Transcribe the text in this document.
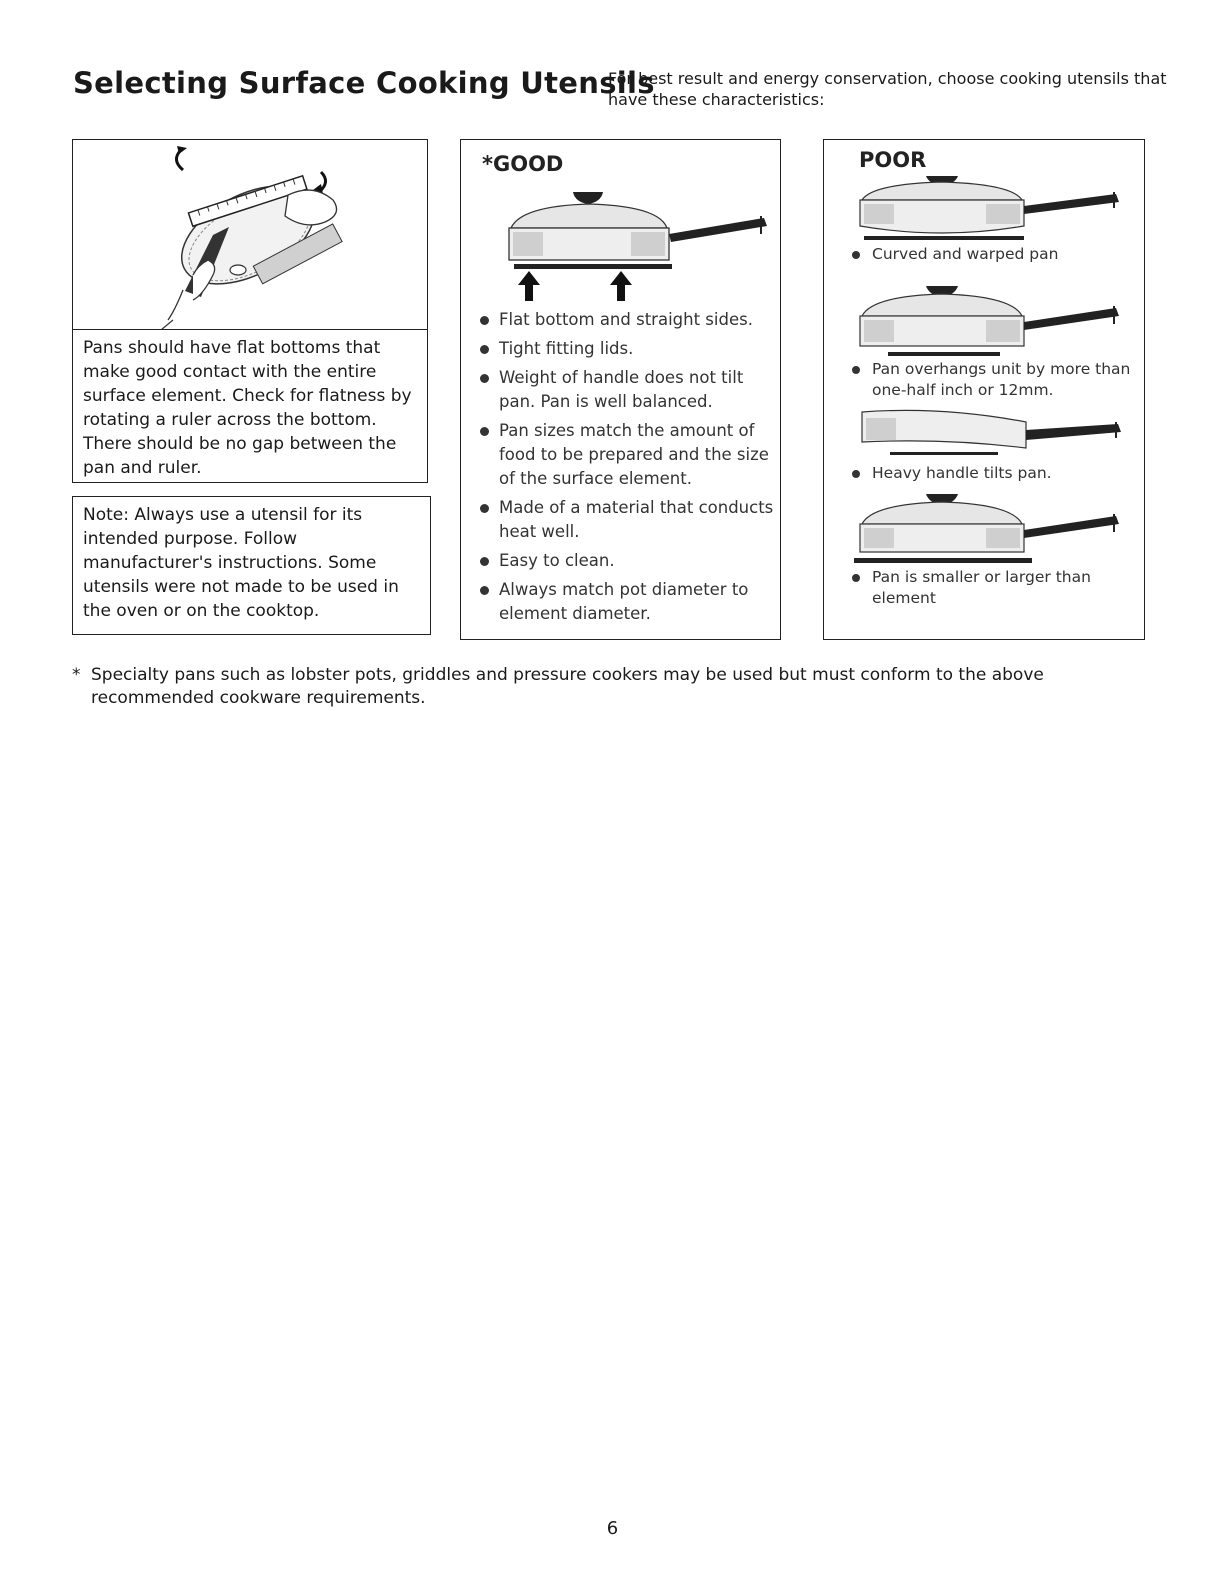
Selecting Surface Cooking Utensils
For best result and energy conservation, choose cooking utensils that have these characteristics:
Pans should have flat bottoms that make good contact with the entire surface element. Check for flatness by rotating a ruler across the bottom. There should be no gap between the pan and ruler.
Note: Always use a utensil for its intended purpose. Follow manufacturer's instructions. Some utensils were not made to be used in the oven or on the cooktop.
*GOOD
Flat bottom and straight sides.
Tight fitting lids.
Weight of handle does not tilt pan. Pan is well balanced.
Pan sizes match the amount of food to be prepared and the size of the surface element.
Made of a material that conducts heat well.
Easy to clean.
Always match pot diameter to element diameter.
POOR
Curved and warped pan
Pan overhangs unit by more than one-half inch or 12mm.
Heavy handle tilts pan.
Pan is smaller or larger than element
* Specialty pans such as lobster pots, griddles and pressure cookers may be used but must conform to the above recommended cookware requirements.
6
